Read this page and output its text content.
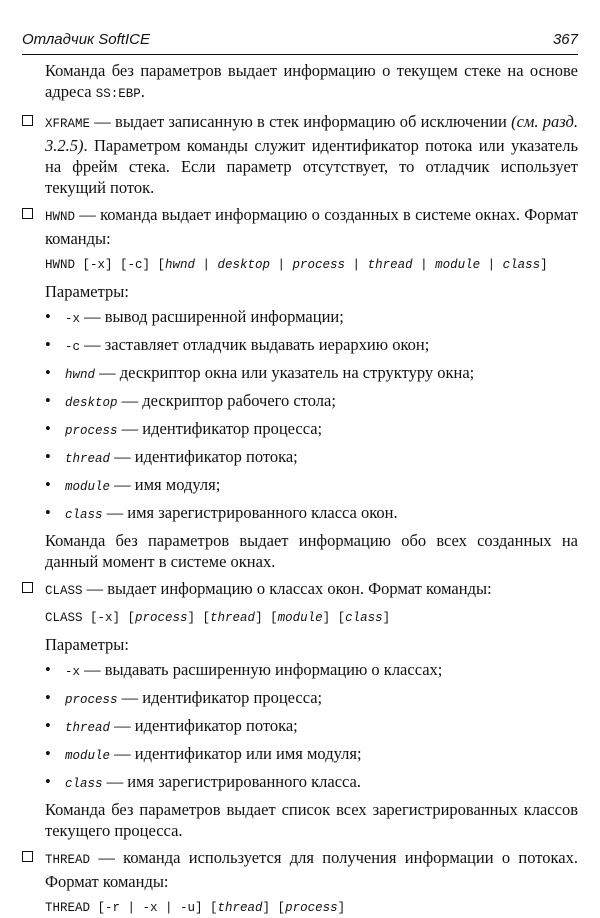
Отладчик SoftICE	367

Команда без параметров выдает информацию о текущем стеке на основе адреса SS:EBP.

XFRAME — выдает записанную в стек информацию об исключении (см. разд. 3.2.5). Параметром команды служит идентификатор потока или указатель на фрейм стека. Если параметр отсутствует, то отладчик использует текущий поток.

HWND — команда выдает информацию о созданных в системе окнах. Формат команды:

HWND [-x] [-c] [hwnd | desktop | process | thread | module | class]

Параметры:

• -x — вывод расширенной информации;
• -c — заставляет отладчик выдавать иерархию окон;
• hwnd — дескриптор окна или указатель на структуру окна;
• desktop — дескриптор рабочего стола;
• process — идентификатор процесса;
• thread — идентификатор потока;
• module — имя модуля;
• class — имя зарегистрированного класса окон.

Команда без параметров выдает информацию обо всех созданных на данный момент в системе окнах.

CLASS — выдает информацию о классах окон. Формат команды:

CLASS [-x] [process] [thread] [module] [class]

Параметры:

• -x — выдавать расширенную информацию о классах;
• process — идентификатор процесса;
• thread — идентификатор потока;
• module — идентификатор или имя модуля;
• class — имя зарегистрированного класса.

Команда без параметров выдает список всех зарегистрированных классов текущего процесса.

THREAD — команда используется для получения информации о потоках. Формат команды:

THREAD [-r | -x | -u] [thread] [process]
